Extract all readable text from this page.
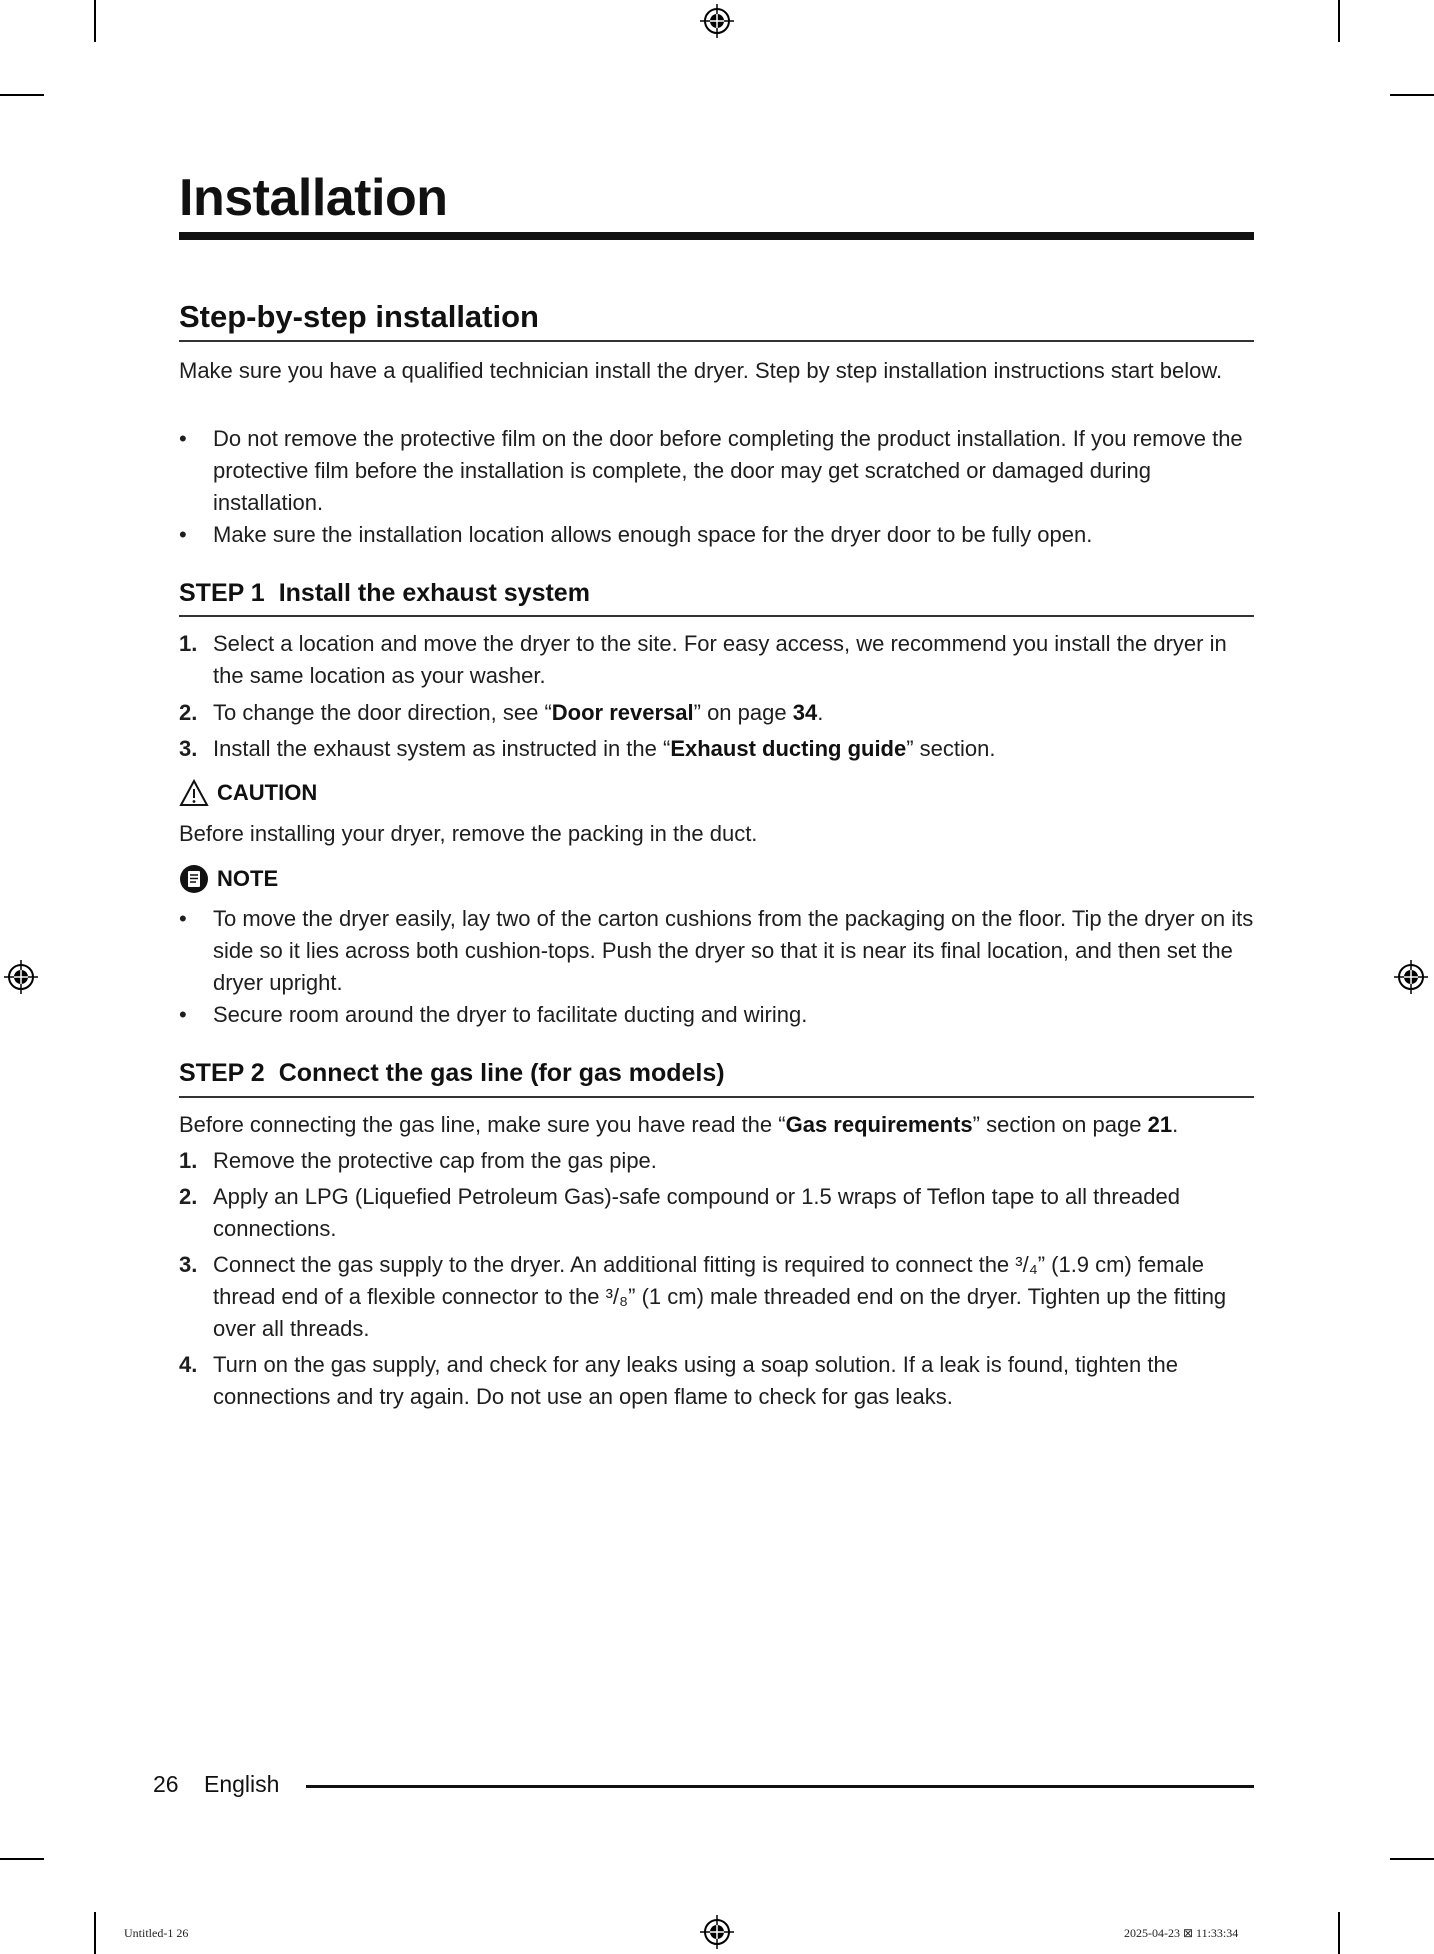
Installation
Step-by-step installation

Make sure you have a qualified technician install the dryer. Step by step installation instructions start below.

•	Do not remove the protective film on the door before completing the product installation. If you remove the protective film before the installation is complete, the door may get scratched or damaged during installation.
•	Make sure the installation location allows enough space for the dryer door to be fully open.
STEP 1 Install the exhaust system
1. Select a location and move the dryer to the site. For easy access, we recommend you install the dryer in the same location as your washer.
2. To change the door direction, see “Door reversal” on page 34.
3. Install the exhaust system as instructed in the “Exhaust ducting guide” section.
CAUTION

Before installing your dryer, remove the packing in the duct.

NOTE
•	To move the dryer easily, lay two of the carton cushions from the packaging on the floor. Tip the dryer on its side so it lies across both cushion-tops. Push the dryer so that it is near its final location, and then set the dryer upright.
•	Secure room around the dryer to facilitate ducting and wiring.
STEP 2 Connect the gas line (for gas models)

Before connecting the gas line, make sure you have read the “Gas requirements” section on page 21.

1. Remove the protective cap from the gas pipe.
2. Apply an LPG (Liquefied Petroleum Gas)-safe compound or 1.5 wraps of Teflon tape to all threaded connections.
3. Connect the gas supply to the dryer. An additional fitting is required to connect the ³/₄” (1.9 cm) female thread end of a flexible connector to the ³/₈” (1 cm) male threaded end on the dryer. Tighten up the fitting over all threads.
4. Turn on the gas supply, and check for any leaks using a soap solution. If a leak is found, tighten the connections and try again. Do not use an open flame to check for gas leaks.
26 English
Untitled-1 26	2025-04-23 ⊠ 11:33:34
